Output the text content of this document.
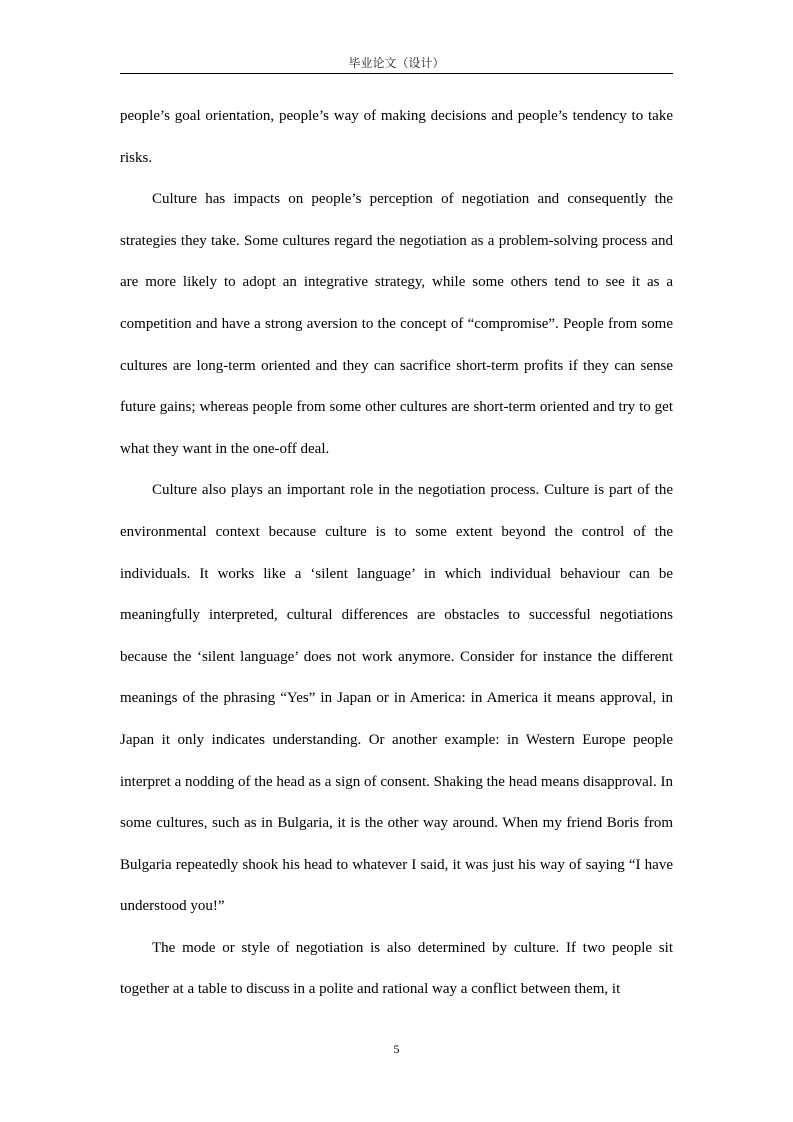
毕业论文（设计）

people’s goal orientation, people’s way of making decisions and people’s tendency to take risks.

Culture has impacts on people’s perception of negotiation and consequently the strategies they take. Some cultures regard the negotiation as a problem-solving process and are more likely to adopt an integrative strategy, while some others tend to see it as a competition and have a strong aversion to the concept of “compromise”. People from some cultures are long-term oriented and they can sacrifice short-term profits if they can sense future gains; whereas people from some other cultures are short-term oriented and try to get what they want in the one-off deal.

Culture also plays an important role in the negotiation process. Culture is part of the environmental context because culture is to some extent beyond the control of the individuals. It works like a ‘silent language’ in which individual behaviour can be meaningfully interpreted, cultural differences are obstacles to successful negotiations because the ‘silent language’ does not work anymore. Consider for instance the different meanings of the phrasing “Yes” in Japan or in America: in America it means approval, in Japan it only indicates understanding. Or another example: in Western Europe people interpret a nodding of the head as a sign of consent. Shaking the head means disapproval. In some cultures, such as in Bulgaria, it is the other way around. When my friend Boris from Bulgaria repeatedly shook his head to whatever I said, it was just his way of saying “I have understood you!”

The mode or style of negotiation is also determined by culture. If two people sit together at a table to discuss in a polite and rational way a conflict between them, it

5
